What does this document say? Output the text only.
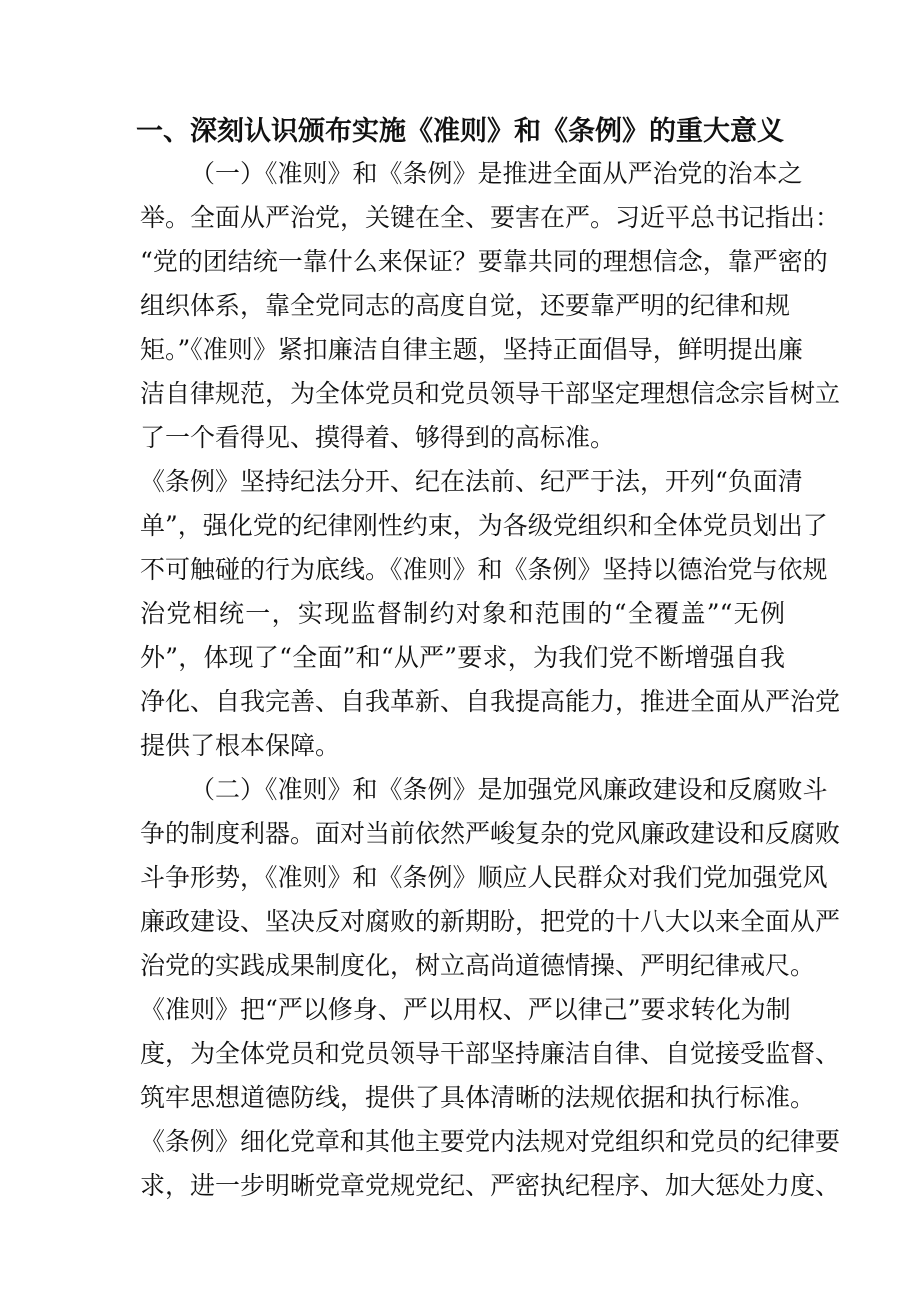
一、深刻认识颁布实施《准则》和《条例》的重大意义

（一）《准则》和《条例》是推进全面从严治党的治本之

举。全面从严治党，关键在全、要害在严。习近平总书记指出：

“党的团结统一靠什么来保证？要靠共同的理想信念，靠严密的

组织体系，靠全党同志的高度自觉，还要靠严明的纪律和规

矩。”《准则》紧扣廉洁自律主题，坚持正面倡导，鲜明提出廉

洁自律规范，为全体党员和党员领导干部坚定理想信念宗旨树立

了一个看得见、摸得着、够得到的高标准。

《条例》坚持纪法分开、纪在法前、纪严于法，开列“负面清

单”，强化党的纪律刚性约束，为各级党组织和全体党员划出了

不可触碰的行为底线。《准则》和《条例》坚持以德治党与依规

治党相统一，实现监督制约对象和范围的“全覆盖”“无例

外”，体现了“全面”和“从严”要求，为我们党不断增强自我

净化、自我完善、自我革新、自我提高能力，推进全面从严治党

提供了根本保障。

（二）《准则》和《条例》是加强党风廉政建设和反腐败斗

争的制度利器。面对当前依然严峻复杂的党风廉政建设和反腐败

斗争形势，《准则》和《条例》顺应人民群众对我们党加强党风

廉政建设、坚决反对腐败的新期盼，把党的十八大以来全面从严

治党的实践成果制度化，树立高尚道德情操、严明纪律戒尺。

《准则》把“严以修身、严以用权、严以律己”要求转化为制

度，为全体党员和党员领导干部坚持廉洁自律、自觉接受监督、

筑牢思想道德防线，提供了具体清晰的法规依据和执行标准。

《条例》细化党章和其他主要党内法规对党组织和党员的纪律要

求，进一步明晰党章党规党纪、严密执纪程序、加大惩处力度、
